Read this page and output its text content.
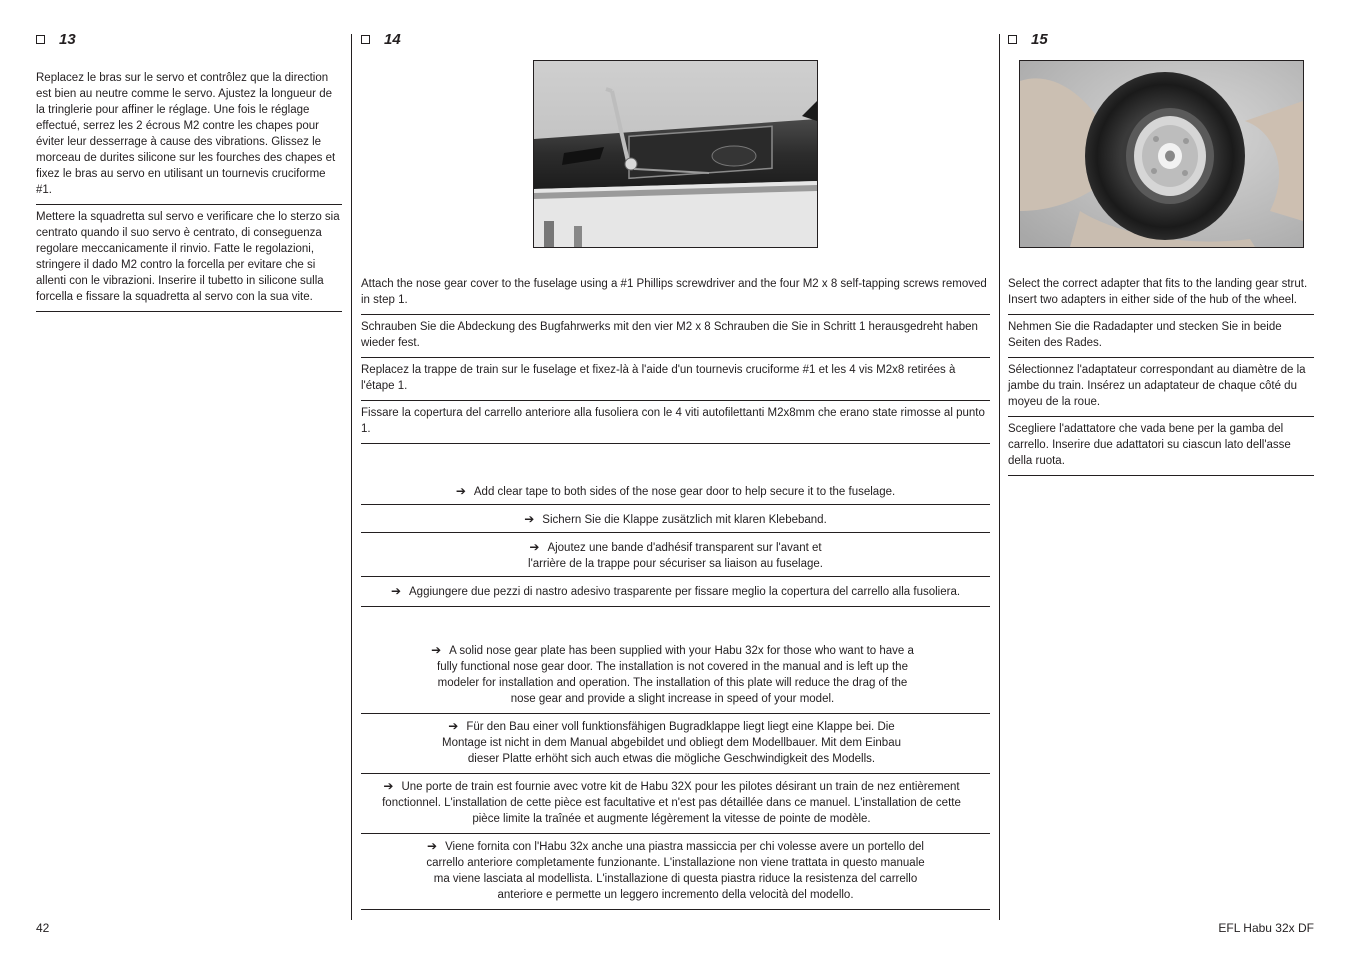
13
Replacez le bras sur le servo et contrôlez que la direction est bien au neutre comme le servo. Ajustez la longueur de la tringlerie pour affiner le réglage. Une fois le réglage effectué, serrez les 2 écrous M2 contre les chapes pour éviter leur desserrage à cause des vibrations. Glissez le morceau de durites silicone sur les fourches des chapes et fixez le bras au servo en utilisant un tournevis cruciforme #1.
Mettere la squadretta sul servo e verificare che lo sterzo sia centrato quando il suo servo è centrato, di conseguenza regolare meccanicamente il rinvio. Fatte le regolazioni, stringere il dado M2 contro la forcella per evitare che si allenti con le vibrazioni. Inserire il tubetto in silicone sulla forcella e fissare la squadretta al servo con la sua vite.
14
Attach the nose gear cover to the fuselage using a #1 Phillips screwdriver and the four M2 x 8 self-tapping screws removed in step 1.
Schrauben Sie die Abdeckung des Bugfahrwerks mit den vier M2 x 8 Schrauben die Sie in Schritt 1 herausgedreht haben wieder fest.
Replacez la trappe de train sur le fuselage et fixez-là à l'aide d'un tournevis cruciforme #1 et les 4 vis M2x8 retirées à l'étape 1.
Fissare la copertura del carrello anteriore alla fusoliera con le 4 viti autofilettanti M2x8mm che erano state rimosse al punto 1.
➔ Add clear tape to both sides of the nose gear door to help secure it to the fuselage.
➔ Sichern Sie die Klappe zusätzlich mit klaren Klebeband.
➔ Ajoutez une bande d'adhésif transparent sur l'avant et l'arrière de la trappe pour sécuriser sa liaison au fuselage.
➔ Aggiungere due pezzi di nastro adesivo trasparente per fissare meglio la copertura del carrello alla fusoliera.
➔ A solid nose gear plate has been supplied with your Habu 32x for those who want to have a fully functional nose gear door. The installation is not covered in the manual and is left up the modeler for installation and operation. The installation of this plate will reduce the drag of the nose gear and provide a slight increase in speed of your model.
➔ Für den Bau einer voll funktionsfähigen Bugradklappe liegt liegt eine Klappe bei. Die Montage ist nicht in dem Manual abgebildet und obliegt dem Modellbauer. Mit dem Einbau dieser Platte erhöht sich auch etwas die mögliche Geschwindigkeit des Modells.
➔ Une porte de train est fournie avec votre kit de Habu 32X pour les pilotes désirant un train de nez entièrement fonctionnel. L'installation de cette pièce est facultative et n'est pas détaillée dans ce manuel. L'installation de cette pièce limite la traînée et augmente légèrement la vitesse de pointe de modèle.
➔ Viene fornita con l'Habu 32x anche una piastra massiccia per chi volesse avere un portello del carrello anteriore completamente funzionante. L'installazione non viene trattata in questo manuale ma viene lasciata al modellista. L'installazione di questa piastra riduce la resistenza del carrello anteriore e permette un leggero incremento della velocità del modello.
15
Select the correct adapter that fits to the landing gear strut. Insert two adapters in either side of the hub of the wheel.
Nehmen Sie die Radadapter und stecken Sie in beide Seiten des Rades.
Sélectionnez l'adaptateur correspondant au diamètre de la jambe du train. Insérez un adaptateur de chaque côté du moyeu de la roue.
Scegliere l'adattatore che vada bene per la gamba del carrello. Inserire due adattatori su ciascun lato dell'asse della ruota.
42	EFL Habu 32x DF
